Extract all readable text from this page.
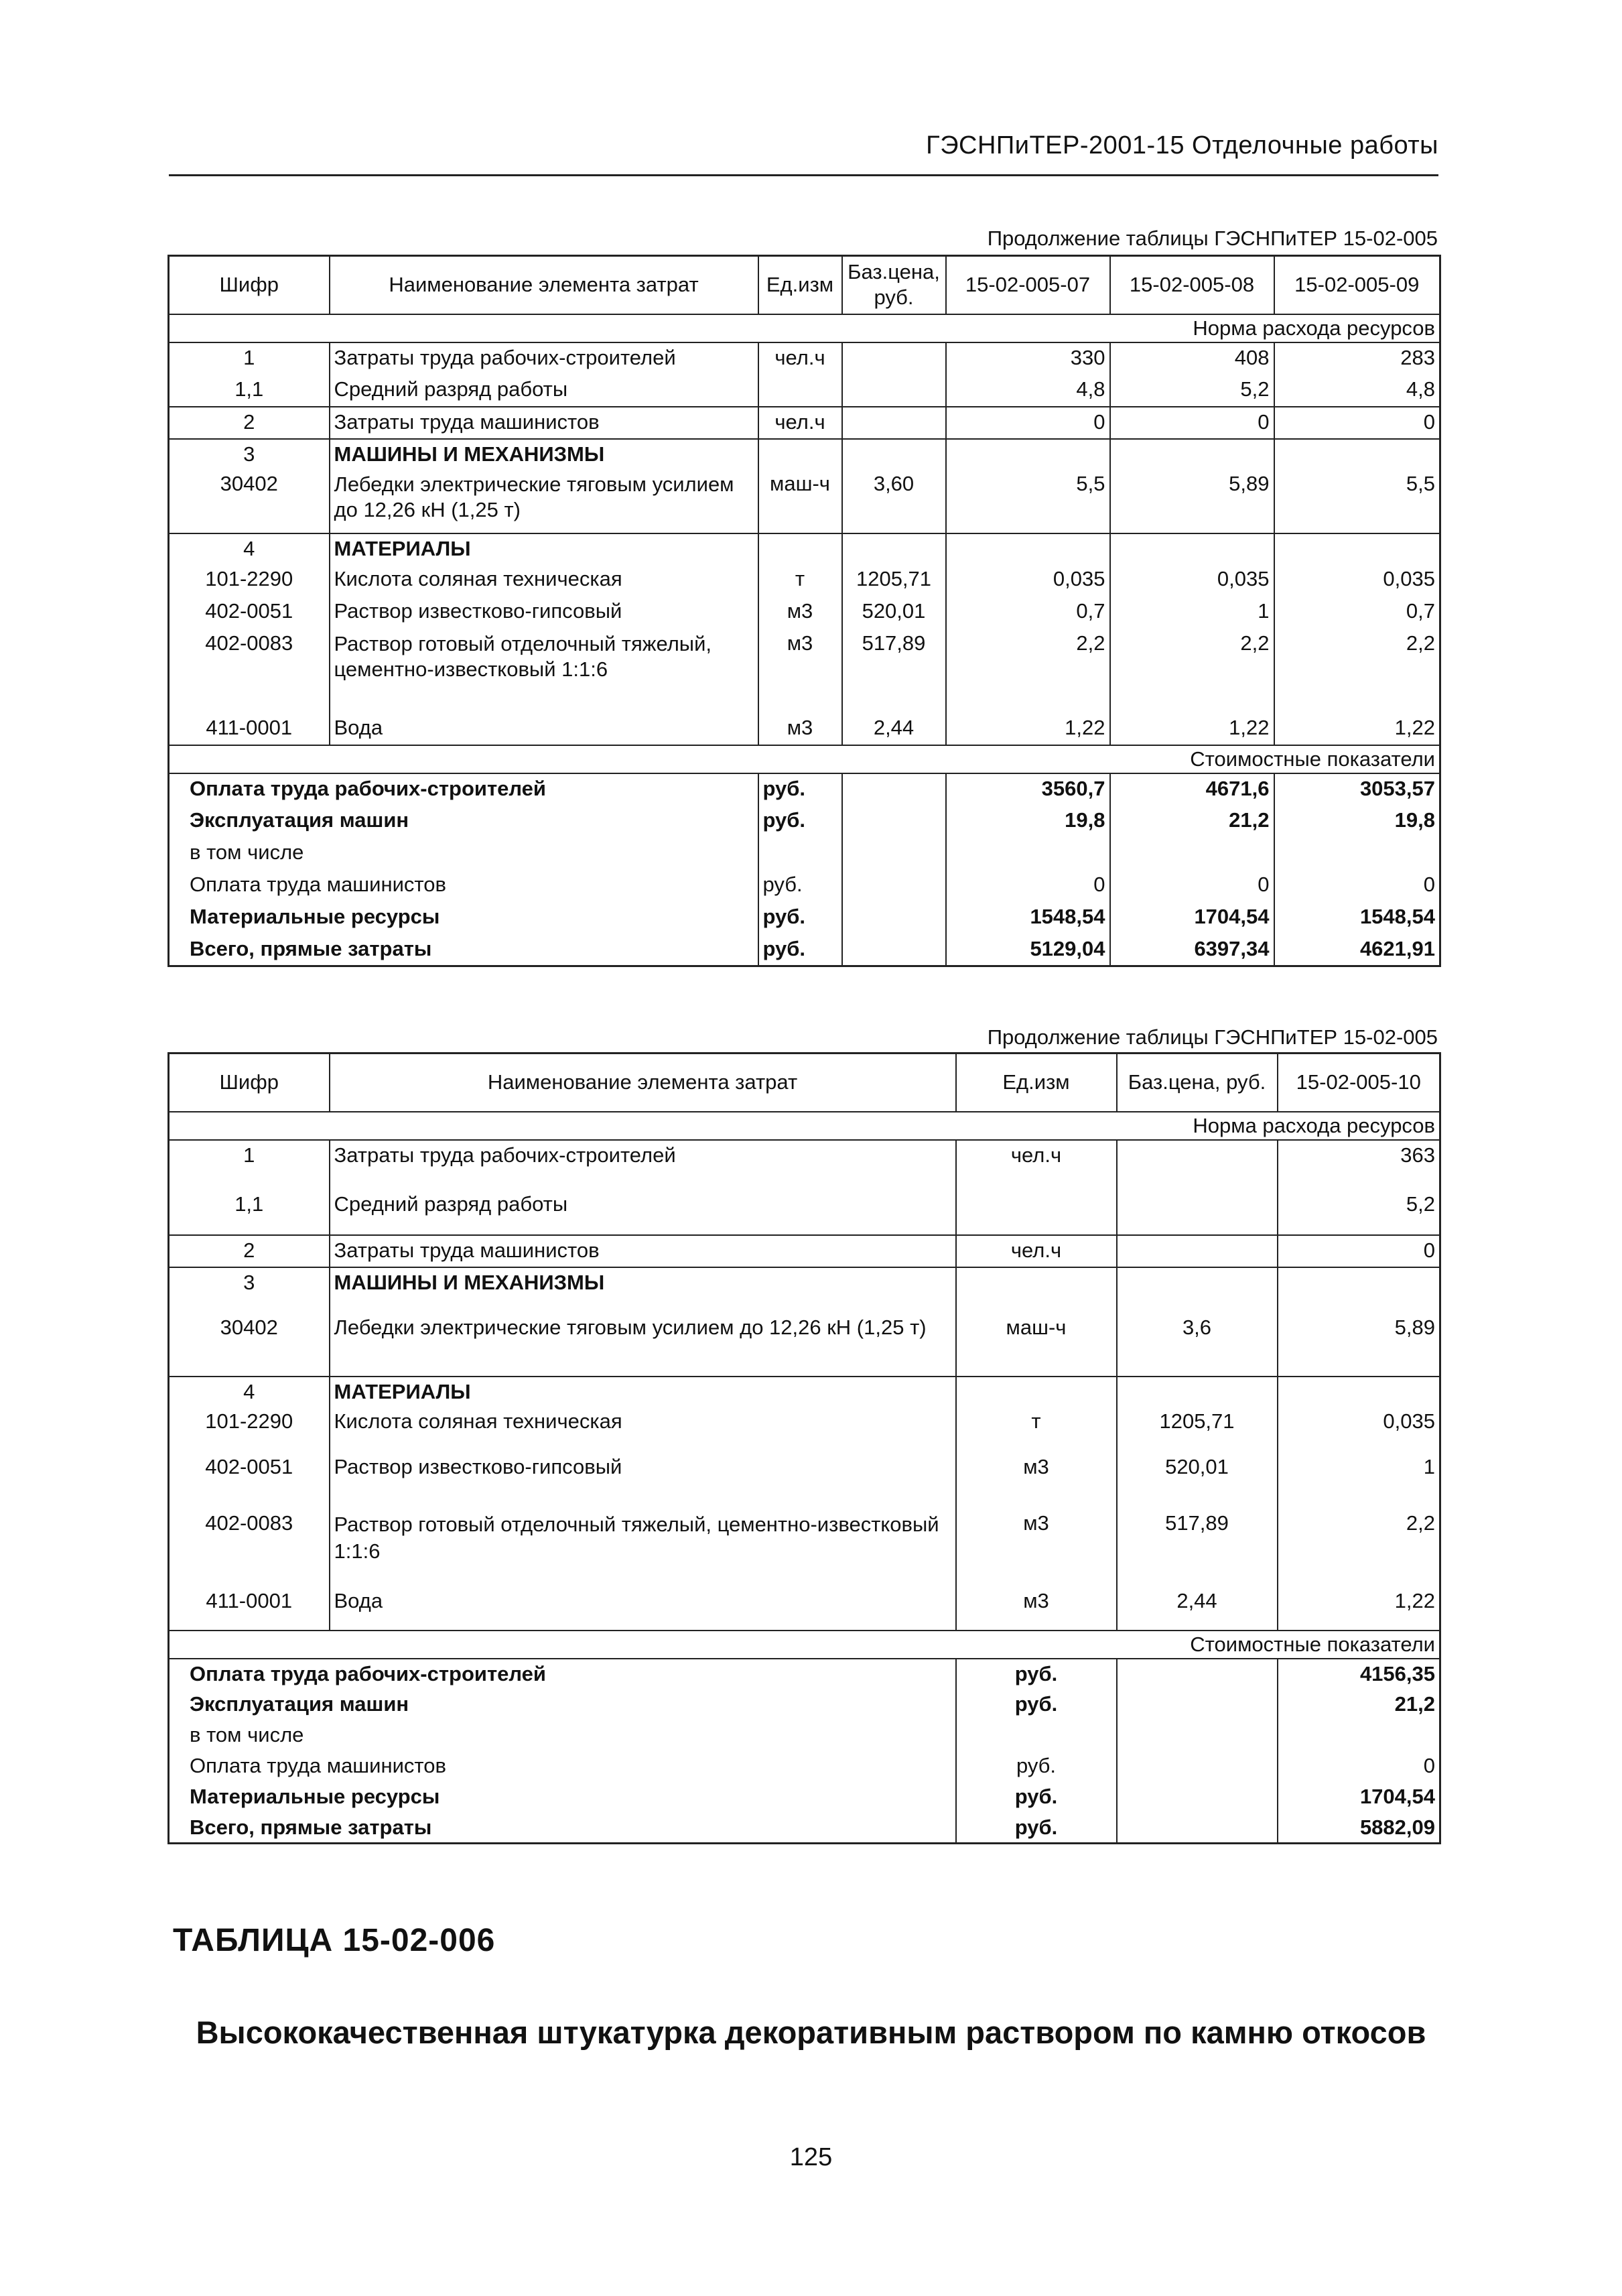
ГЭСНПиТЕР-2001-15 Отделочные работы
Продолжение таблицы ГЭСНПиТЕР 15-02-005
Шифр	Наименование элемента затрат	Ед.изм	Баз.цена, руб.	15-02-005-07	15-02-005-08	15-02-005-09
Норма расхода ресурсов						
1	Затраты труда рабочих-строителей	чел.ч		330	408	283
1,1	Средний разряд работы			4,8	5,2	4,8
2	Затраты труда машинистов	чел.ч		0	0	0
3	МАШИНЫ И МЕХАНИЗМЫ					
30402	Лебедки электрические тяговым усилием до 12,26 кН (1,25 т)	маш-ч	3,60	5,5	5,89	5,5
4	МАТЕРИАЛЫ					
101-2290	Кислота соляная техническая	т	1205,71	0,035	0,035	0,035
402-0051	Раствор известково-гипсовый	м3	520,01	0,7	1	0,7
402-0083	Раствор готовый отделочный тяжелый, цементно-известковый 1:1:6	м3	517,89	2,2	2,2	2,2
411-0001	Вода	м3	2,44	1,22	1,22	1,22
Стоимостные показатели						
Оплата труда рабочих-строителей		руб.		3560,7	4671,6	3053,57
Эксплуатация машин		руб.		19,8	21,2	19,8
в том числе						
Оплата труда машинистов		руб.		0	0	0
Материальные ресурсы		руб.		1548,54	1704,54	1548,54
Всего, прямые затраты		руб.		5129,04	6397,34	4621,91
Продолжение таблицы ГЭСНПиТЕР 15-02-005
Шифр	Наименование элемента затрат	Ед.изм	Баз.цена, руб.	15-02-005-10
Норма расхода ресурсов				
1	Затраты труда рабочих-строителей	чел.ч		363
1,1	Средний разряд работы			5,2
2	Затраты труда машинистов	чел.ч		0
3	МАШИНЫ И МЕХАНИЗМЫ			
30402	Лебедки электрические тяговым усилием до 12,26 кН (1,25 т)	маш-ч	3,6	5,89
4	МАТЕРИАЛЫ			
101-2290	Кислота соляная техническая	т	1205,71	0,035
402-0051	Раствор известково-гипсовый	м3	520,01	1
402-0083	Раствор готовый отделочный тяжелый, цементно-известковый 1:1:6	м3	517,89	2,2
411-0001	Вода	м3	2,44	1,22
Стоимостные показатели				
Оплата труда рабочих-строителей		руб.		4156,35
Эксплуатация машин		руб.		21,2
в том числе				
Оплата труда машинистов		руб.		0
Материальные ресурсы		руб.		1704,54
Всего, прямые затраты		руб.		5882,09
ТАБЛИЦА 15-02-006
Высококачественная штукатурка декоративным раствором по камню откосов
125
